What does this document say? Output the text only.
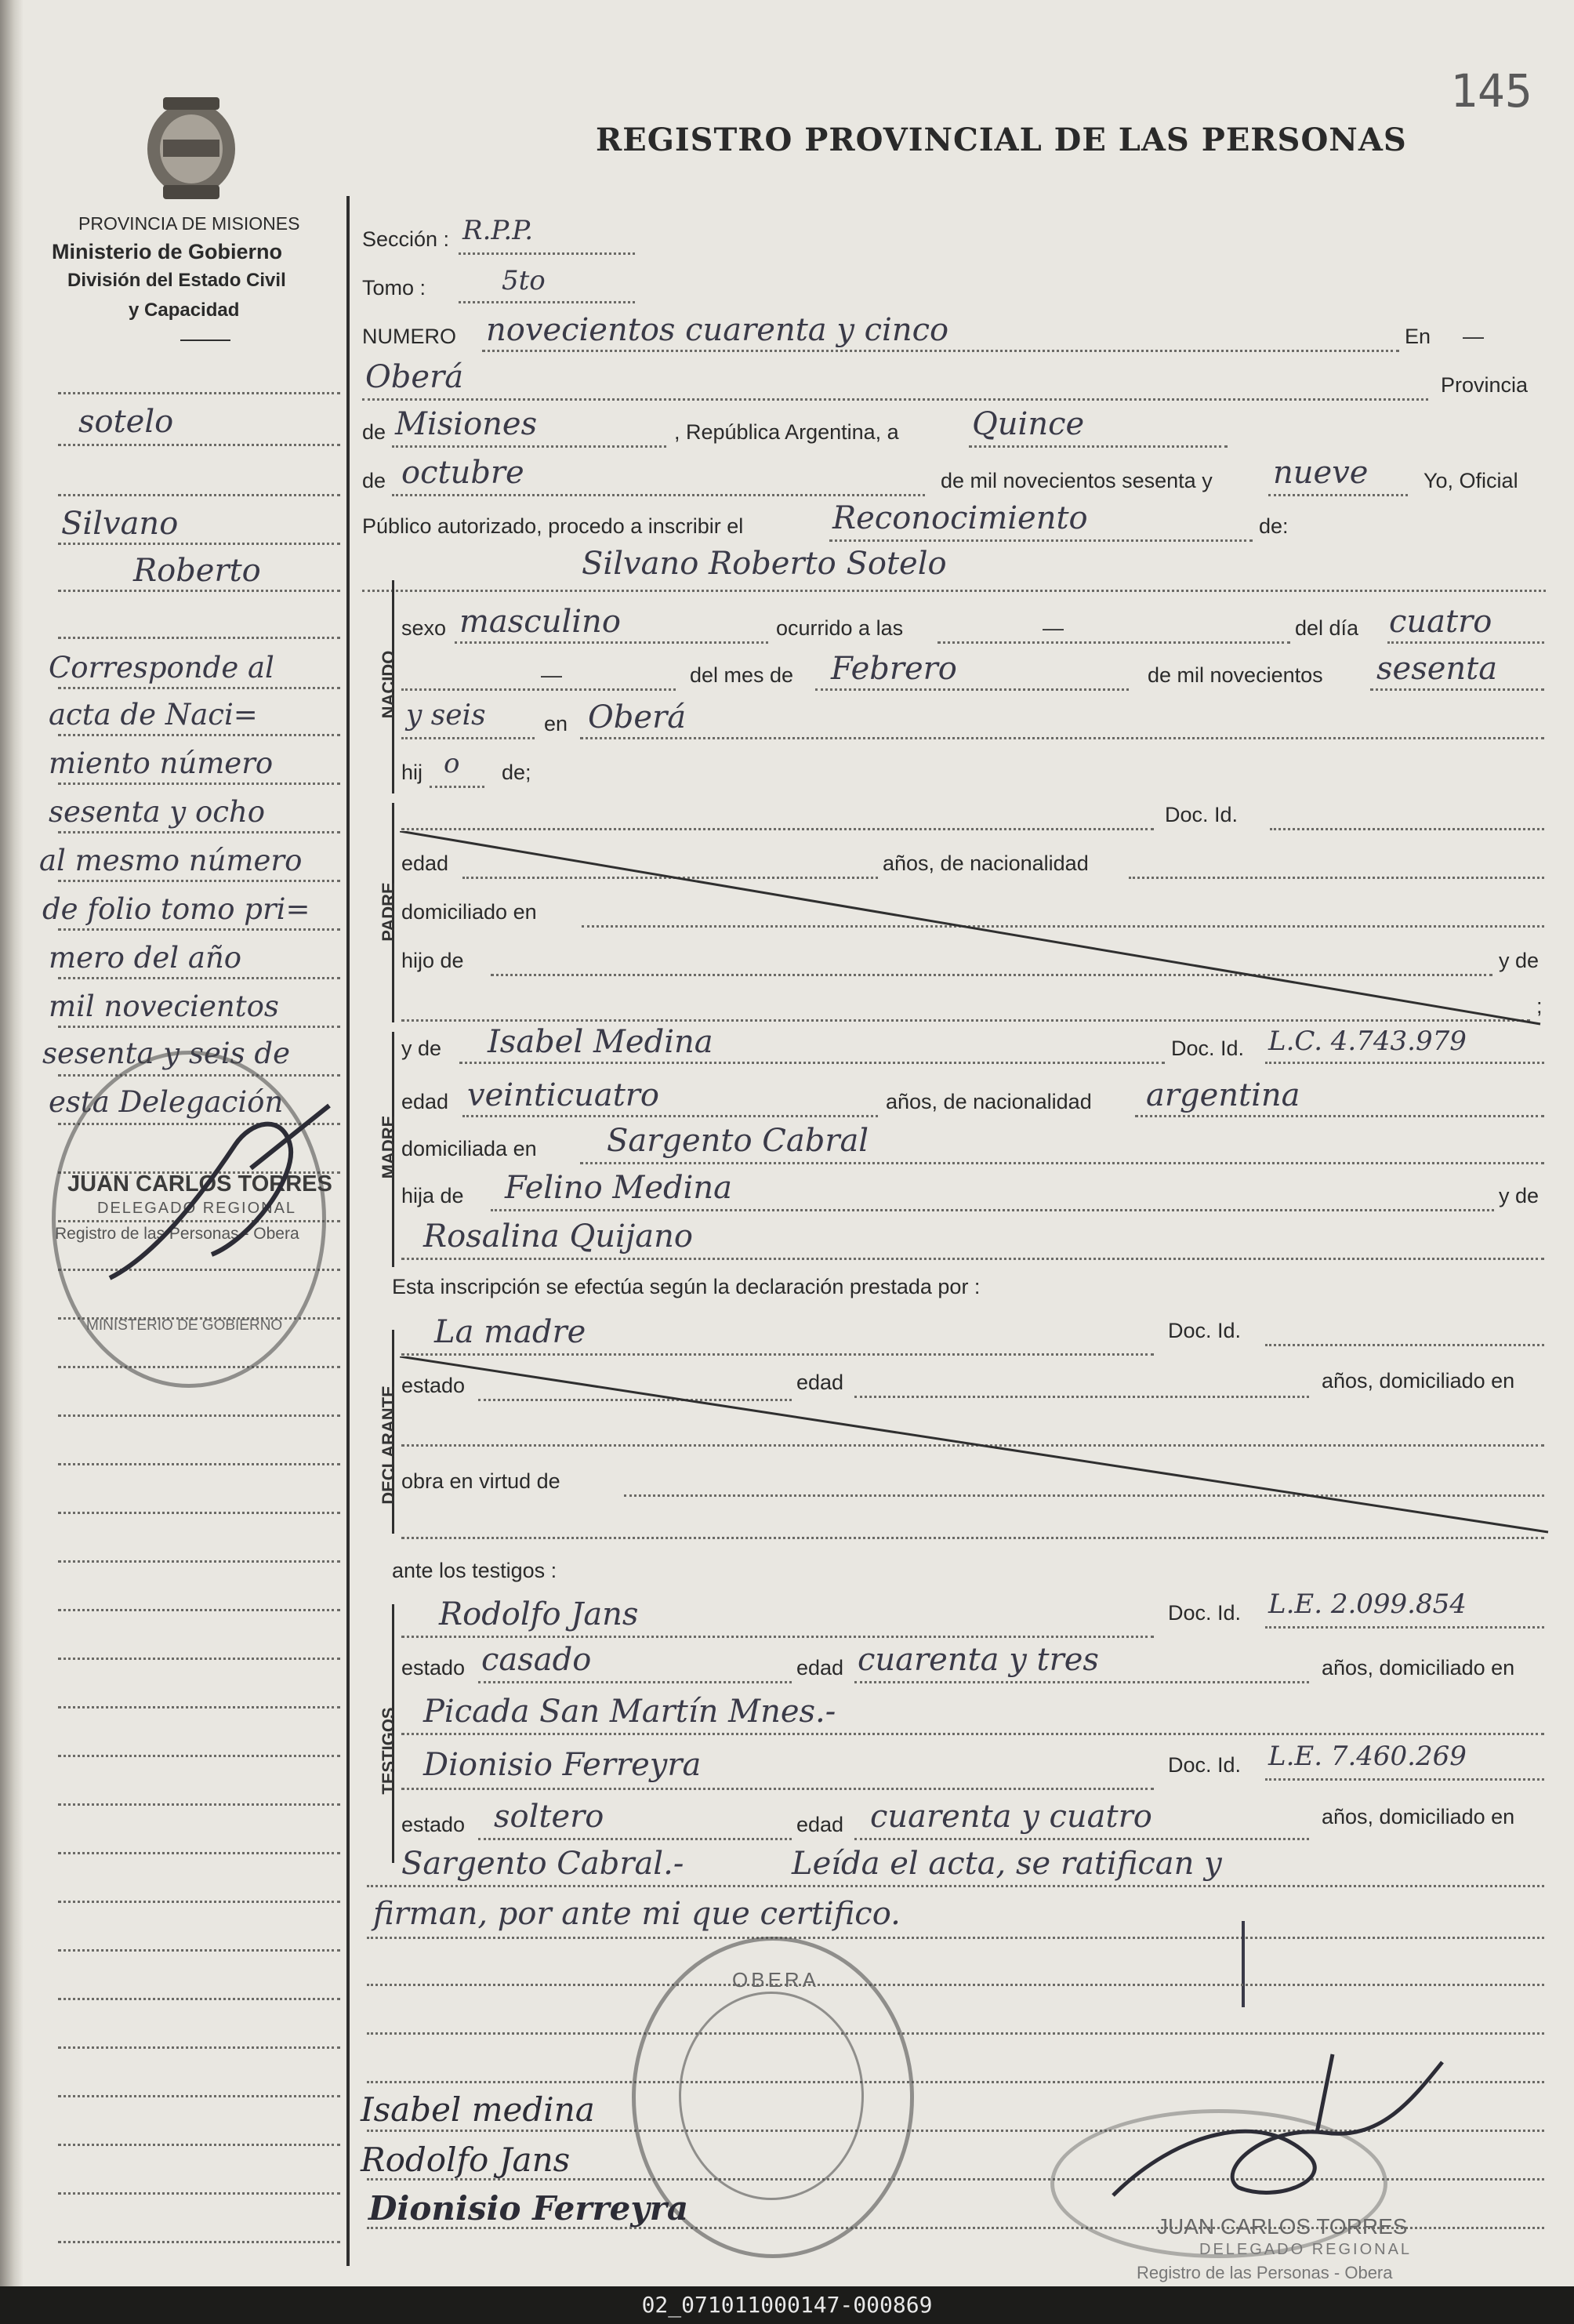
145
REGISTRO PROVINCIAL DE LAS PERSONAS
PROVINCIA DE MISIONES
Ministerio de Gobierno
División del Estado Civil
y Capacidad
sotelo
Silvano
Roberto
Corresponde al
acta de Naci=
miento número
sesenta y ocho
al mesmo número
de folio tomo pri=
mero del año
mil novecientos
sesenta y seis de
esta Delegación
JUAN CARLOS TORRES
DELEGADO REGIONAL
Registro de las Personas - Obera
MINISTERIO DE GOBIERNO
Sección : R.P.P.
Tomo :	5to
NUMERO novecientos cuarenta y cinco	En —
Oberá	Provincia
de Misiones	, República Argentina, a Quince
de octubre	de mil novecientos sesenta y nueve	Yo, Oficial
Público autorizado, procedo a inscribir el	Reconocimiento	de:
Silvano Roberto Sotelo
NACIDO
sexo masculino	ocurrido a las	—	del día cuatro
—	del mes de Febrero	de mil novecientos sesenta
y seis	en Oberá
hij o de;
PADRE
Doc. Id.
edad	años, de nacionalidad
domiciliado en
hijo de	y de
;
MADRE
y de Isabel Medina	Doc. Id. L.C. 4.743.979
edad veinticuatro	años, de nacionalidad argentina
domiciliada en Sargento Cabral
hija de Felino Medina	y de
Rosalina Quijano
Esta inscripción se efectúa según la declaración prestada por :
La madre	Doc. Id.
DECLARANTE
estado	edad	años, domiciliado en
obra en virtud de
ante los testigos :
TESTIGOS
Rodolfo Jans	Doc. Id. L.E. 2.099.854
estado casado	edad cuarenta y tres	años, domiciliado en
Picada San Martín Mnes.-
Dionisio Ferreyra	Doc. Id. L.E. 7.460.269
estado soltero	edad cuarenta y cuatro	años, domiciliado en
Sargento Cabral.-	Leída el acta, se ratifican y
firman, por ante mi que certifico.
OBERA
Isabel medina
Rodolfo Jans
Dionisio Ferreyra	JUAN CARLOS TORRES
DELEGADO REGIONAL
Registro de las Personas - Obera
02_071011000147-000869
